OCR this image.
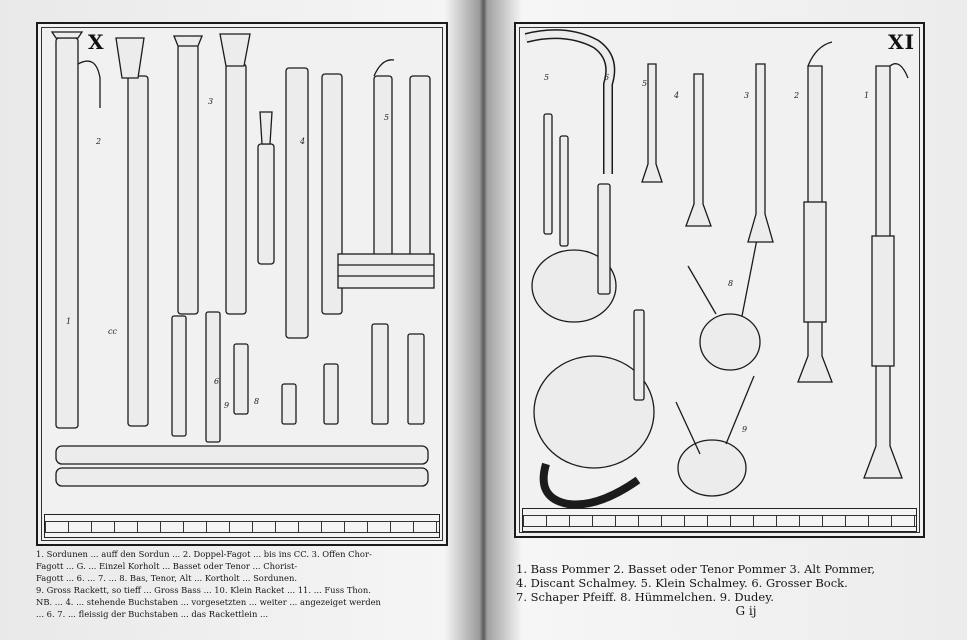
1
2
3
4
5
6
8
9
cc
X
1. Sordunen ... auff den Sordun ... 2. Doppel-Fagot ... bis ins CC. 3. Offen Chor-
Fagott ... G. ... Einzel Korholt ... Basset oder Tenor ... Chorist-
Fagott ... 6. ... 7. ... 8. Bas, Tenor, Alt ... Kortholt ... Sordunen.
9. Gross Rackett, so tieff ... Gross Bass ... 10. Klein Racket ... 11. ... Fuss Thon.
NB. ... 4. ... stehende Buchstaben ... vorgesetzten ... weiter ... angezeiget werden
... 6. 7. ... fleissig der Buchstaben ... das Rackettlein ...
6
5
5
4	3	2	1
8
9
XI
1. Bass Pommer 2. Basset oder Tenor Pommer 3. Alt Pommer,
4. Discant Schalmey. 5. Klein Schalmey. 6. Grosser Bock.
7. Schaper Pfeiff. 8. Hümmelchen. 9. Dudey.
G ij
